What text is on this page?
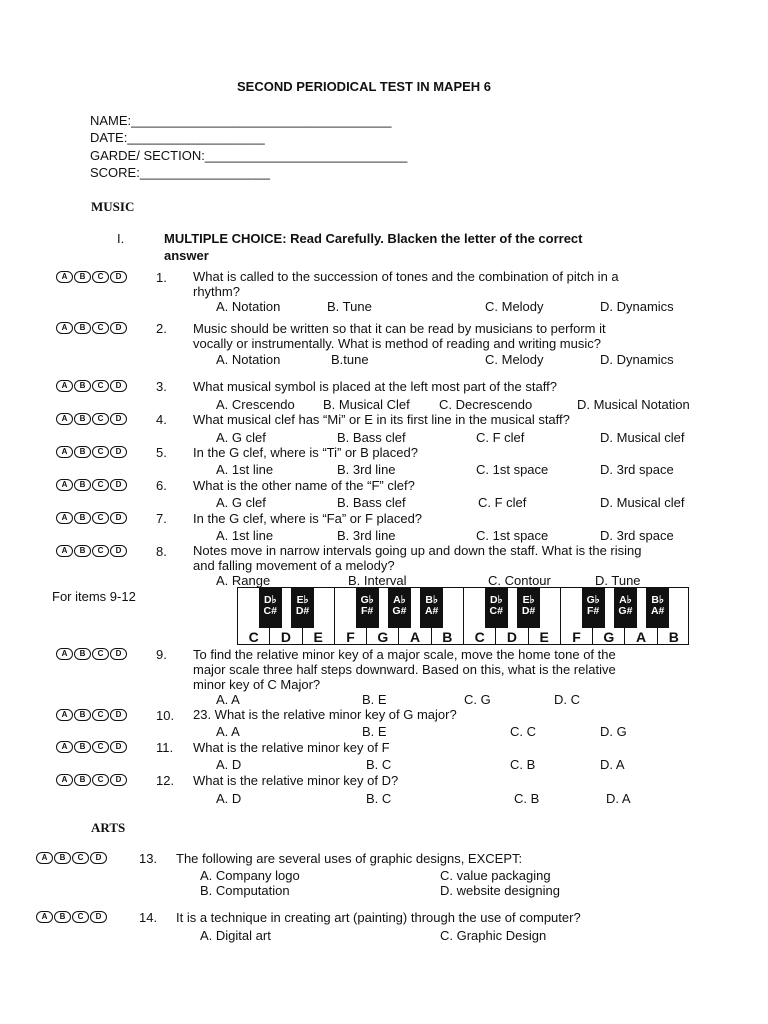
SECOND PERIODICAL TEST IN MAPEH 6
NAME:____________________________________
DATE:___________________
GARDE/ SECTION:____________________________
SCORE:__________________
MUSIC
I.	MULTIPLE CHOICE: Read Carefully. Blacken the letter of the correct
answer
For items 9-12
C	D	E	F	G	A	B	C	D	E	F	G	A	B
D♭
C#
E♭
D#
G♭
F#
A♭
G#
B♭
A#
D♭
C#
E♭
D#
G♭
F#
A♭
G#
B♭
A#
ARTS
A	B	C	D	1. What is called to the succession of tones and the combination of pitch in a
rhythm?
A. Notation	B. Tune	C. Melody	D. Dynamics
A	B	C	D	2. Music should be written so that it can be read by musicians to perform it
vocally or instrumentally. What is method of reading and writing music?
A. Notation	B.tune	C. Melody	D. Dynamics
A	B	C	D	3. What musical symbol is placed at the left most part of the staff?
A. Crescendo B. Musical Clef C. Decrescendo	D. Musical Notation
A	B	C	D	4. What musical clef has “Mi” or E in its first line in the musical staff?
A. G clef	B. Bass clef	C. F clef	D. Musical clef
A	B	C	D	5. In the G clef, where is “Ti” or B placed?
A. 1st line	B. 3rd line	C. 1st space	D. 3rd space
A	B	C	D	6. What is the other name of the “F” clef?
A. G clef	B. Bass clef	C. F clef	D. Musical clef
A	B	C	D	7. In the G clef, where is “Fa” or F placed?
A. 1st line	B. 3rd line	C. 1st space	D. 3rd space
A	B	C	D	8. Notes move in narrow intervals going up and down the staff. What is the rising
and falling movement of a melody?
A. Range	B. Interval	C. Contour	D. Tune
A	B	C	D	9. To find the relative minor key of a major scale, move the home tone of the
major scale three half steps downward. Based on this, what is the relative
minor key of C Major?
A. A	B. E	C. G	D. C
A	B	C	D	10. 23. What is the relative minor key of G major?
A. A	B. E	C. C	D. G
A	B	C	D	11. What is the relative minor key of F
A. D	B. C	C. B	D. A
A	B	C	D	12. What is the relative minor key of D?
A. D	B. C	C. B	D. A
A	B	C	D	13. The following are several uses of graphic designs, EXCEPT:
A. Company logo	C. value packaging
B. Computation	D. website designing
A	B	C	D	14. It is a technique in creating art (painting) through the use of computer?
A. Digital art	C. Graphic Design
